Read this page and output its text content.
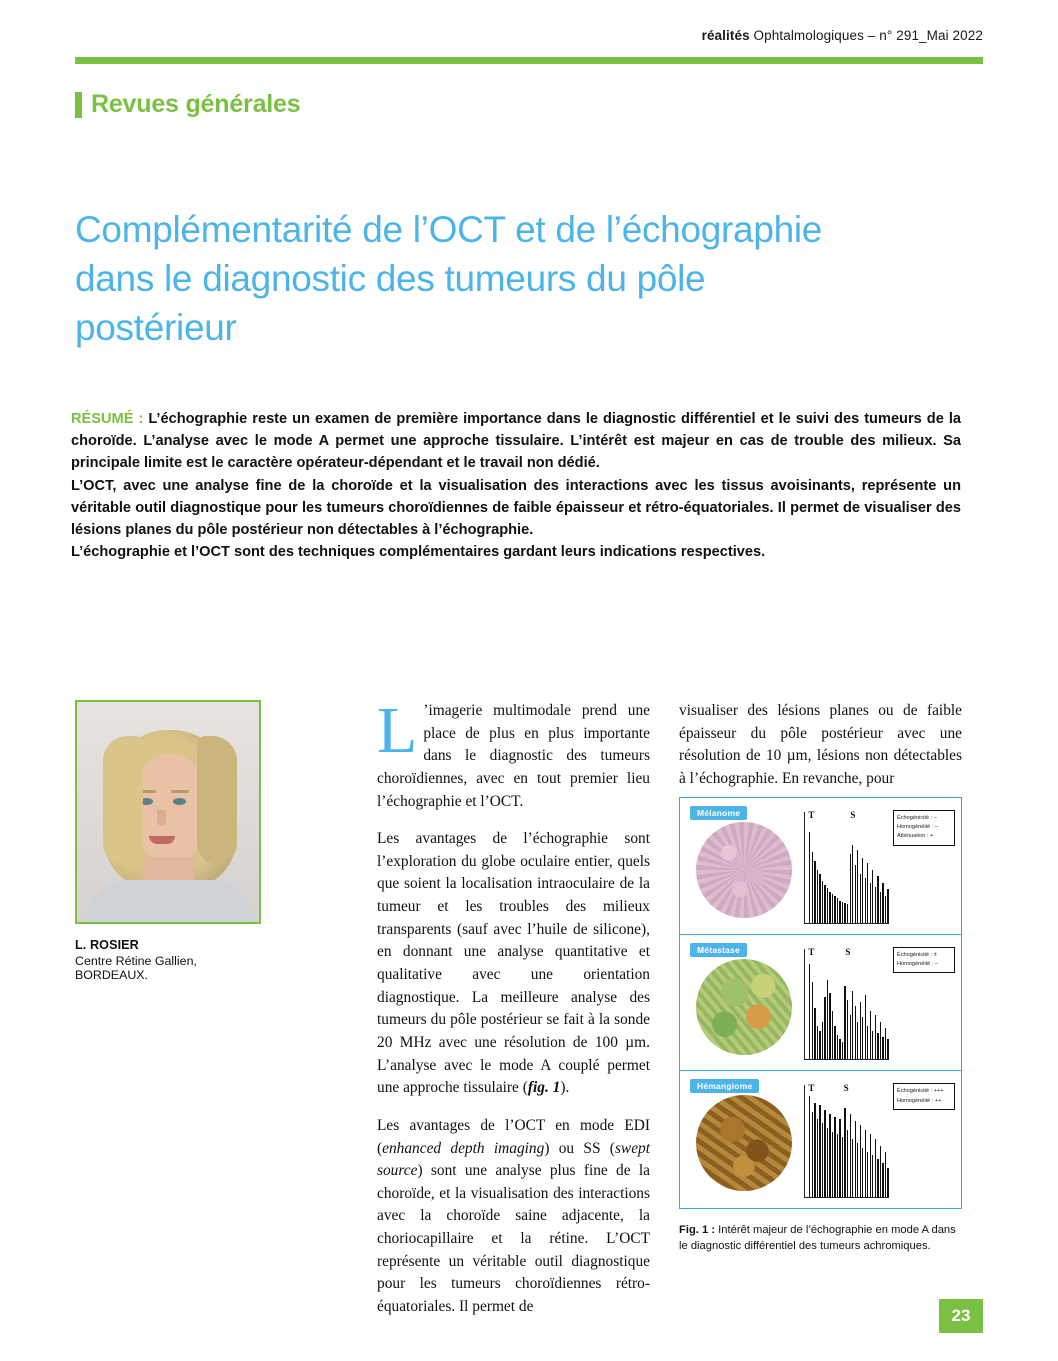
réalités Ophtalmologiques – n° 291_Mai 2022
Revues générales
Complémentarité de l’OCT et de l’échographie dans le diagnostic des tumeurs du pôle postérieur

RÉSUMÉ : L’échographie reste un examen de première importance dans le diagnostic différentiel et le suivi des tumeurs de la choroïde. L’analyse avec le mode A permet une approche tissulaire. L’intérêt est majeur en cas de trouble des milieux. Sa principale limite est le caractère opérateur-dépendant et le travail non dédié.

L’OCT, avec une analyse fine de la choroïde et la visualisation des interactions avec les tissus avoisinants, représente un véritable outil diagnostique pour les tumeurs choroïdiennes de faible épaisseur et rétro-équatoriales. Il permet de visualiser des lésions planes du pôle postérieur non détectables à l’échographie.

L’échographie et l’OCT sont des techniques complémentaires gardant leurs indications respectives.

L. ROSIER
Centre Rétine Gallien, BORDEAUX.

L ’imagerie multimodale prend une place de plus en plus importante dans le diagnostic des tumeurs choroïdiennes, avec en tout premier lieu l’échographie et l’OCT.

Les avantages de l’échographie sont l’exploration du globe oculaire entier, quels que soient la localisation intraoculaire de la tumeur et les troubles des milieux transparents (sauf avec l’huile de silicone), en donnant une analyse quantitative et qualitative avec une orientation diagnostique. La meilleure analyse des tumeurs du pôle postérieur se fait à la sonde 20 MHz avec une résolution de 100 µm. L’analyse avec le mode A couplé permet une approche tissulaire (fig. 1).

Les avantages de l’OCT en mode EDI (enhanced depth imaging) ou SS (swept source) sont une analyse plus fine de la choroïde, et la visualisation des interactions avec la choroïde saine adjacente, la choriocapillaire et la rétine. L’OCT représente un véritable outil diagnostique pour les tumeurs choroïdiennes rétro-équatoriales. Il permet de

visualiser des lésions planes ou de faible épaisseur du pôle postérieur avec une résolution de 10 µm, lésions non détectables à l’échographie. En revanche, pour

Mélanome	T	S	Échogénicité : –
Homogénéité : –
Atténuation : +
Métastase	T	S	Échogénicité : ±
Homogénéité : –
Hémangiome	T	S	Échogénicité : +++
Homogénéité : ++
Fig. 1 : Intérêt majeur de l’échographie en mode A dans le diagnostic différentiel des tumeurs achromiques.
23
